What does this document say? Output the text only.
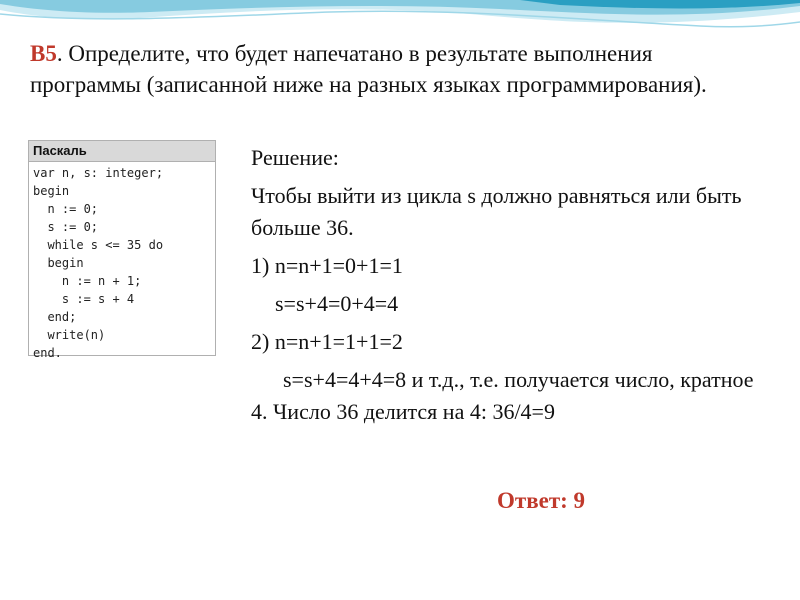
В5. Определите, что будет напечатано в результате выполнения программы (записанной ниже на разных языках программирования).
Паскаль
var n, s: integer;
begin
n := 0;
s := 0;
while s <= 35 do
begin
n := n + 1;
s := s + 4
end;
write(n)
end.

Решение:

Чтобы выйти из цикла s должно равняться или быть больше 36.

1) n=n+1=0+1=1

s=s+4=0+4=4

2) n=n+1=1+1=2

s=s+4=4+4=8 и т.д., т.е. получается число, кратное 4. Число 36 делится на 4: 36/4=9

Ответ: 9
